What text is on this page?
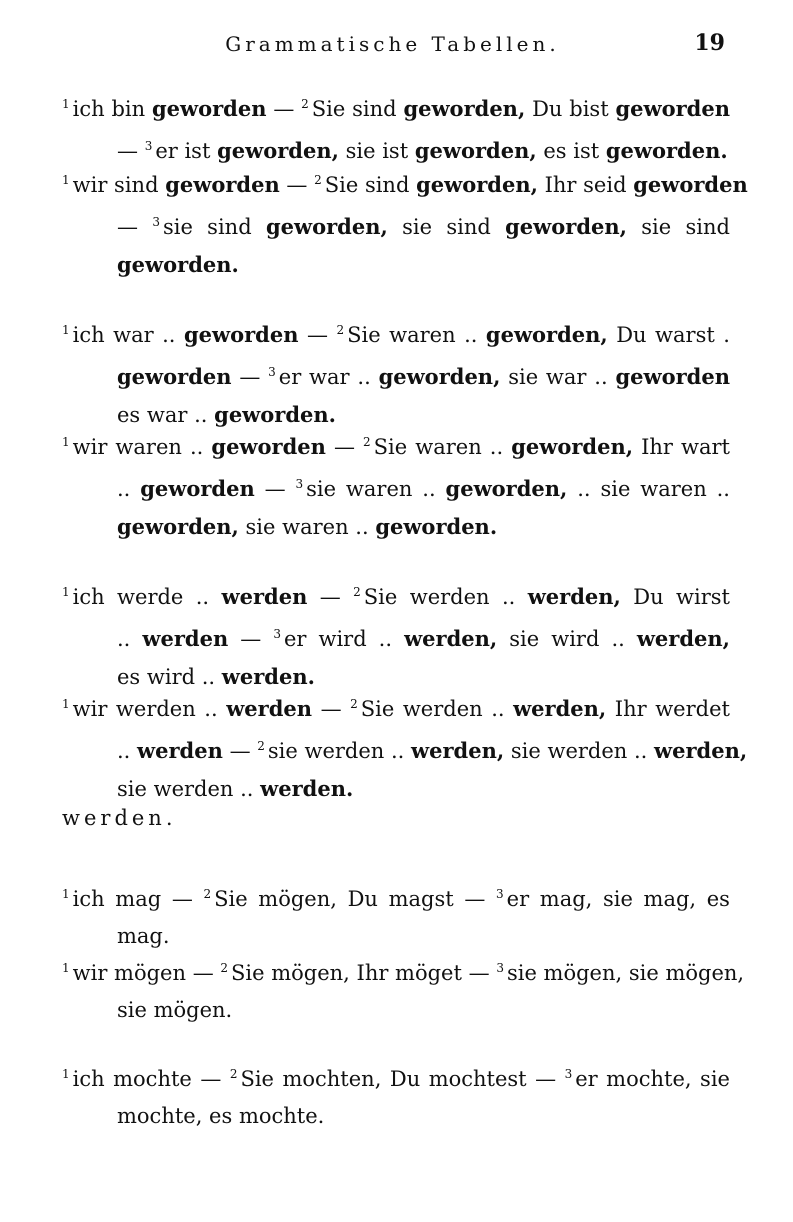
Grammatische Tabellen.	19
$^1$ ich bin geworden — $^2$ Sie sind geworden, Du bist geworden
— $^3$ er ist geworden, sie ist geworden, es ist geworden.
$^1$ wir sind geworden — $^2$ Sie sind geworden, Ihr seid geworden
— $^3$ sie sind geworden, sie sind geworden, sie sind
geworden.
$^1$ ich war .. geworden — $^2$ Sie waren .. geworden, Du warst .
geworden — $^3$ er war .. geworden, sie war .. geworden
es war .. geworden.
$^1$ wir waren .. geworden — $^2$ Sie waren .. geworden, Ihr wart
.. geworden — $^3$ sie waren .. geworden, .. sie waren ..
geworden, sie waren .. geworden.
$^1$ ich werde .. werden — $^2$ Sie werden .. werden, Du wirst
.. werden — $^3$ er wird .. werden, sie wird .. werden,
es wird .. werden.
$^1$ wir werden .. werden — $^2$ Sie werden .. werden, Ihr werdet
.. werden — $^2$ sie werden .. werden, sie werden .. werden,
sie werden .. werden.
werden.
$^1$ ich mag — $^2$ Sie mögen, Du magst — $^3$ er mag, sie mag, es
mag.
$^1$ wir mögen — $^2$ Sie mögen, Ihr möget — $^3$ sie mögen, sie mögen,
sie mögen.
$^1$ ich mochte — $^2$ Sie mochten, Du mochtest — $^3$ er mochte, sie
mochte, es mochte.
